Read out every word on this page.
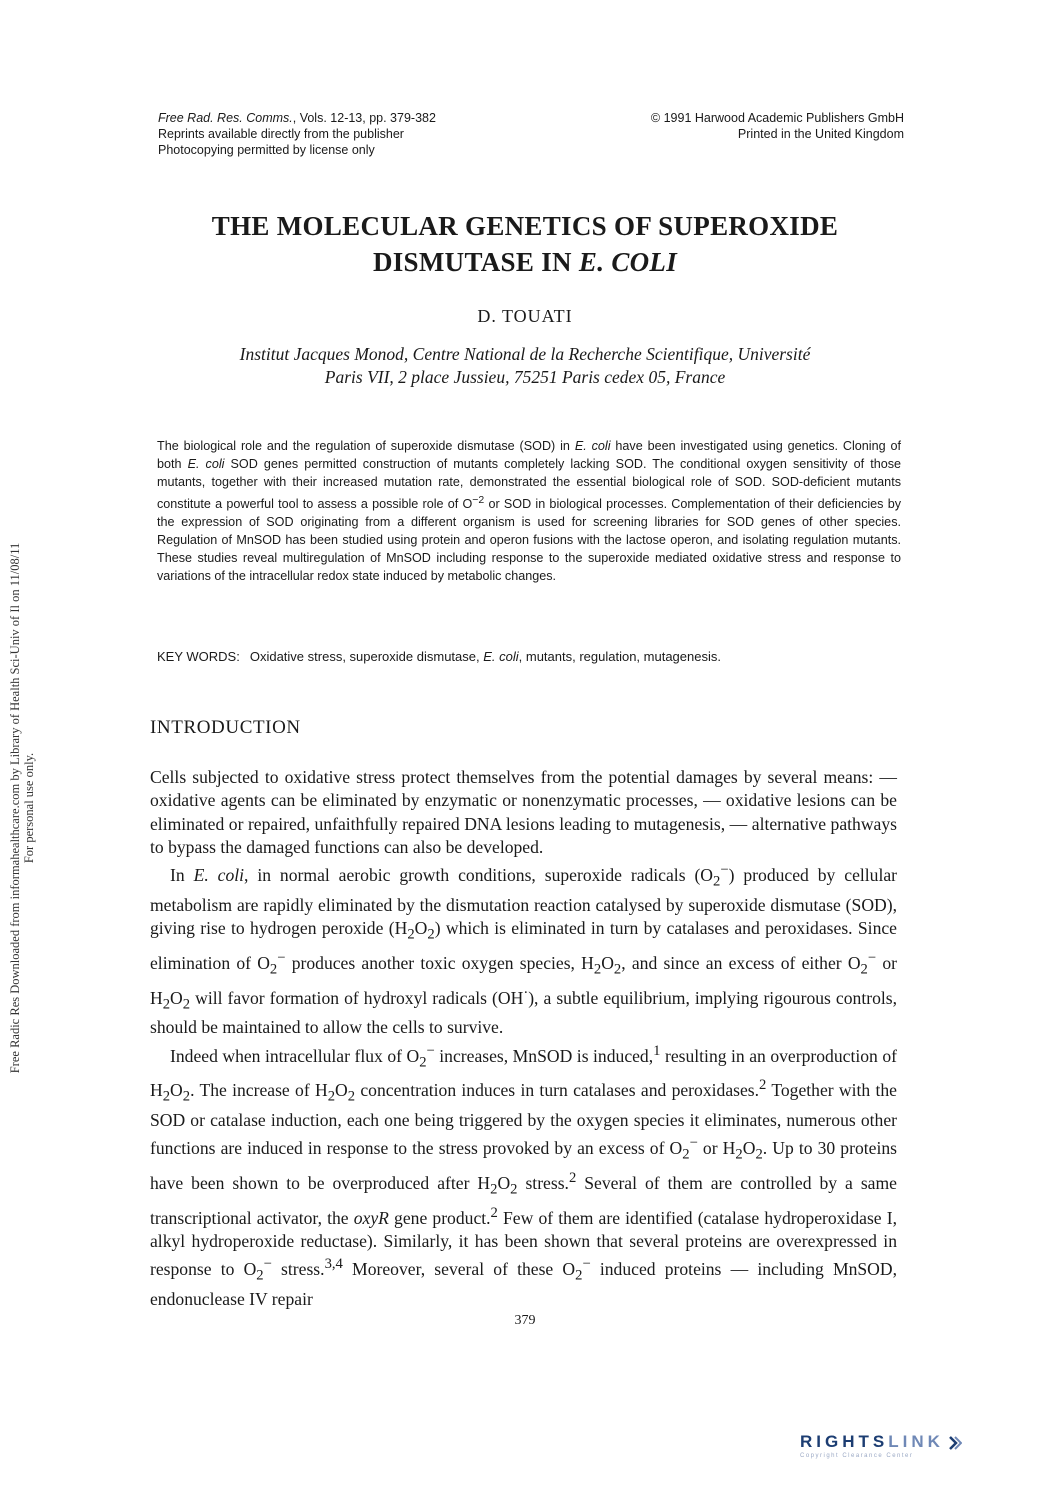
Free Rad. Res. Comms., Vols. 12-13, pp. 379-382
Reprints available directly from the publisher
Photocopying permitted by license only
© 1991 Harwood Academic Publishers GmbH
Printed in the United Kingdom
Free Radic Res Downloaded from informahealthcare.com by Library of Health Sci-Univ of Il on 11/08/11 For personal use only.
THE MOLECULAR GENETICS OF SUPEROXIDE
DISMUTASE IN E. COLI
D. TOUATI
Institut Jacques Monod, Centre National de la Recherche Scientifique, Université
Paris VII, 2 place Jussieu, 75251 Paris cedex 05, France
The biological role and the regulation of superoxide dismutase (SOD) in E. coli have been investigated using genetics. Cloning of both E. coli SOD genes permitted construction of mutants completely lacking SOD. The conditional oxygen sensitivity of those mutants, together with their increased mutation rate, demonstrated the essential biological role of SOD. SOD-deficient mutants constitute a powerful tool to assess a possible role of $O^{-2}$ or SOD in biological processes. Complementation of their deficiencies by the expression of SOD originating from a different organism is used for screening libraries for SOD genes of other species. Regulation of MnSOD has been studied using protein and operon fusions with the lactose operon, and isolating regulation mutants. These studies reveal multiregulation of MnSOD including response to the superoxide mediated oxidative stress and response to variations of the intracellular redox state induced by metabolic changes.
KEY WORDS: Oxidative stress, superoxide dismutase, E. coli, mutants, regulation, mutagenesis.
INTRODUCTION

Cells subjected to oxidative stress protect themselves from the potential damages by several means: — oxidative agents can be eliminated by enzymatic or nonenzymatic processes, — oxidative lesions can be eliminated or repaired, unfaithfully repaired DNA lesions leading to mutagenesis, — alternative pathways to bypass the damaged functions can also be developed.

In E. coli, in normal aerobic growth conditions, superoxide radicals $(O_2^-)$ produced by cellular metabolism are rapidly eliminated by the dismutation reaction catalysed by superoxide dismutase (SOD), giving rise to hydrogen peroxide $(H_2O_2)$ which is eliminated in turn by catalases and peroxidases. Since elimination of $O_2^-$ produces another toxic oxygen species, $H_2O_2$, and since an excess of either $O_2^-$ or $H_2O_2$ will favor formation of hydroxyl radicals (OH·), a subtle equilibrium, implying rigourous controls, should be maintained to allow the cells to survive.

Indeed when intracellular flux of $O_2^-$ increases, MnSOD is induced,$^1$ resulting in an overproduction of $H_2O_2$. The increase of $H_2O_2$ concentration induces in turn catalases and peroxidases.$^2$ Together with the SOD or catalase induction, each one being triggered by the oxygen species it eliminates, numerous other functions are induced in response to the stress provoked by an excess of $O_2^-$ or $H_2O_2$. Up to 30 proteins have been shown to be overproduced after $H_2O_2$ stress.$^2$ Several of them are controlled by a same transcriptional activator, the oxyR gene product.$^2$ Few of them are identified (catalase hydroperoxidase I, alkyl hydroperoxide reductase). Similarly, it has been shown that several proteins are overexpressed in response to $O_2^-$ stress.$^{3,4}$ Moreover, several of these $O_2^-$ induced proteins — including MnSOD, endonuclease IV repair

379
RIGHTSLINK
Copyright Clearance Center
